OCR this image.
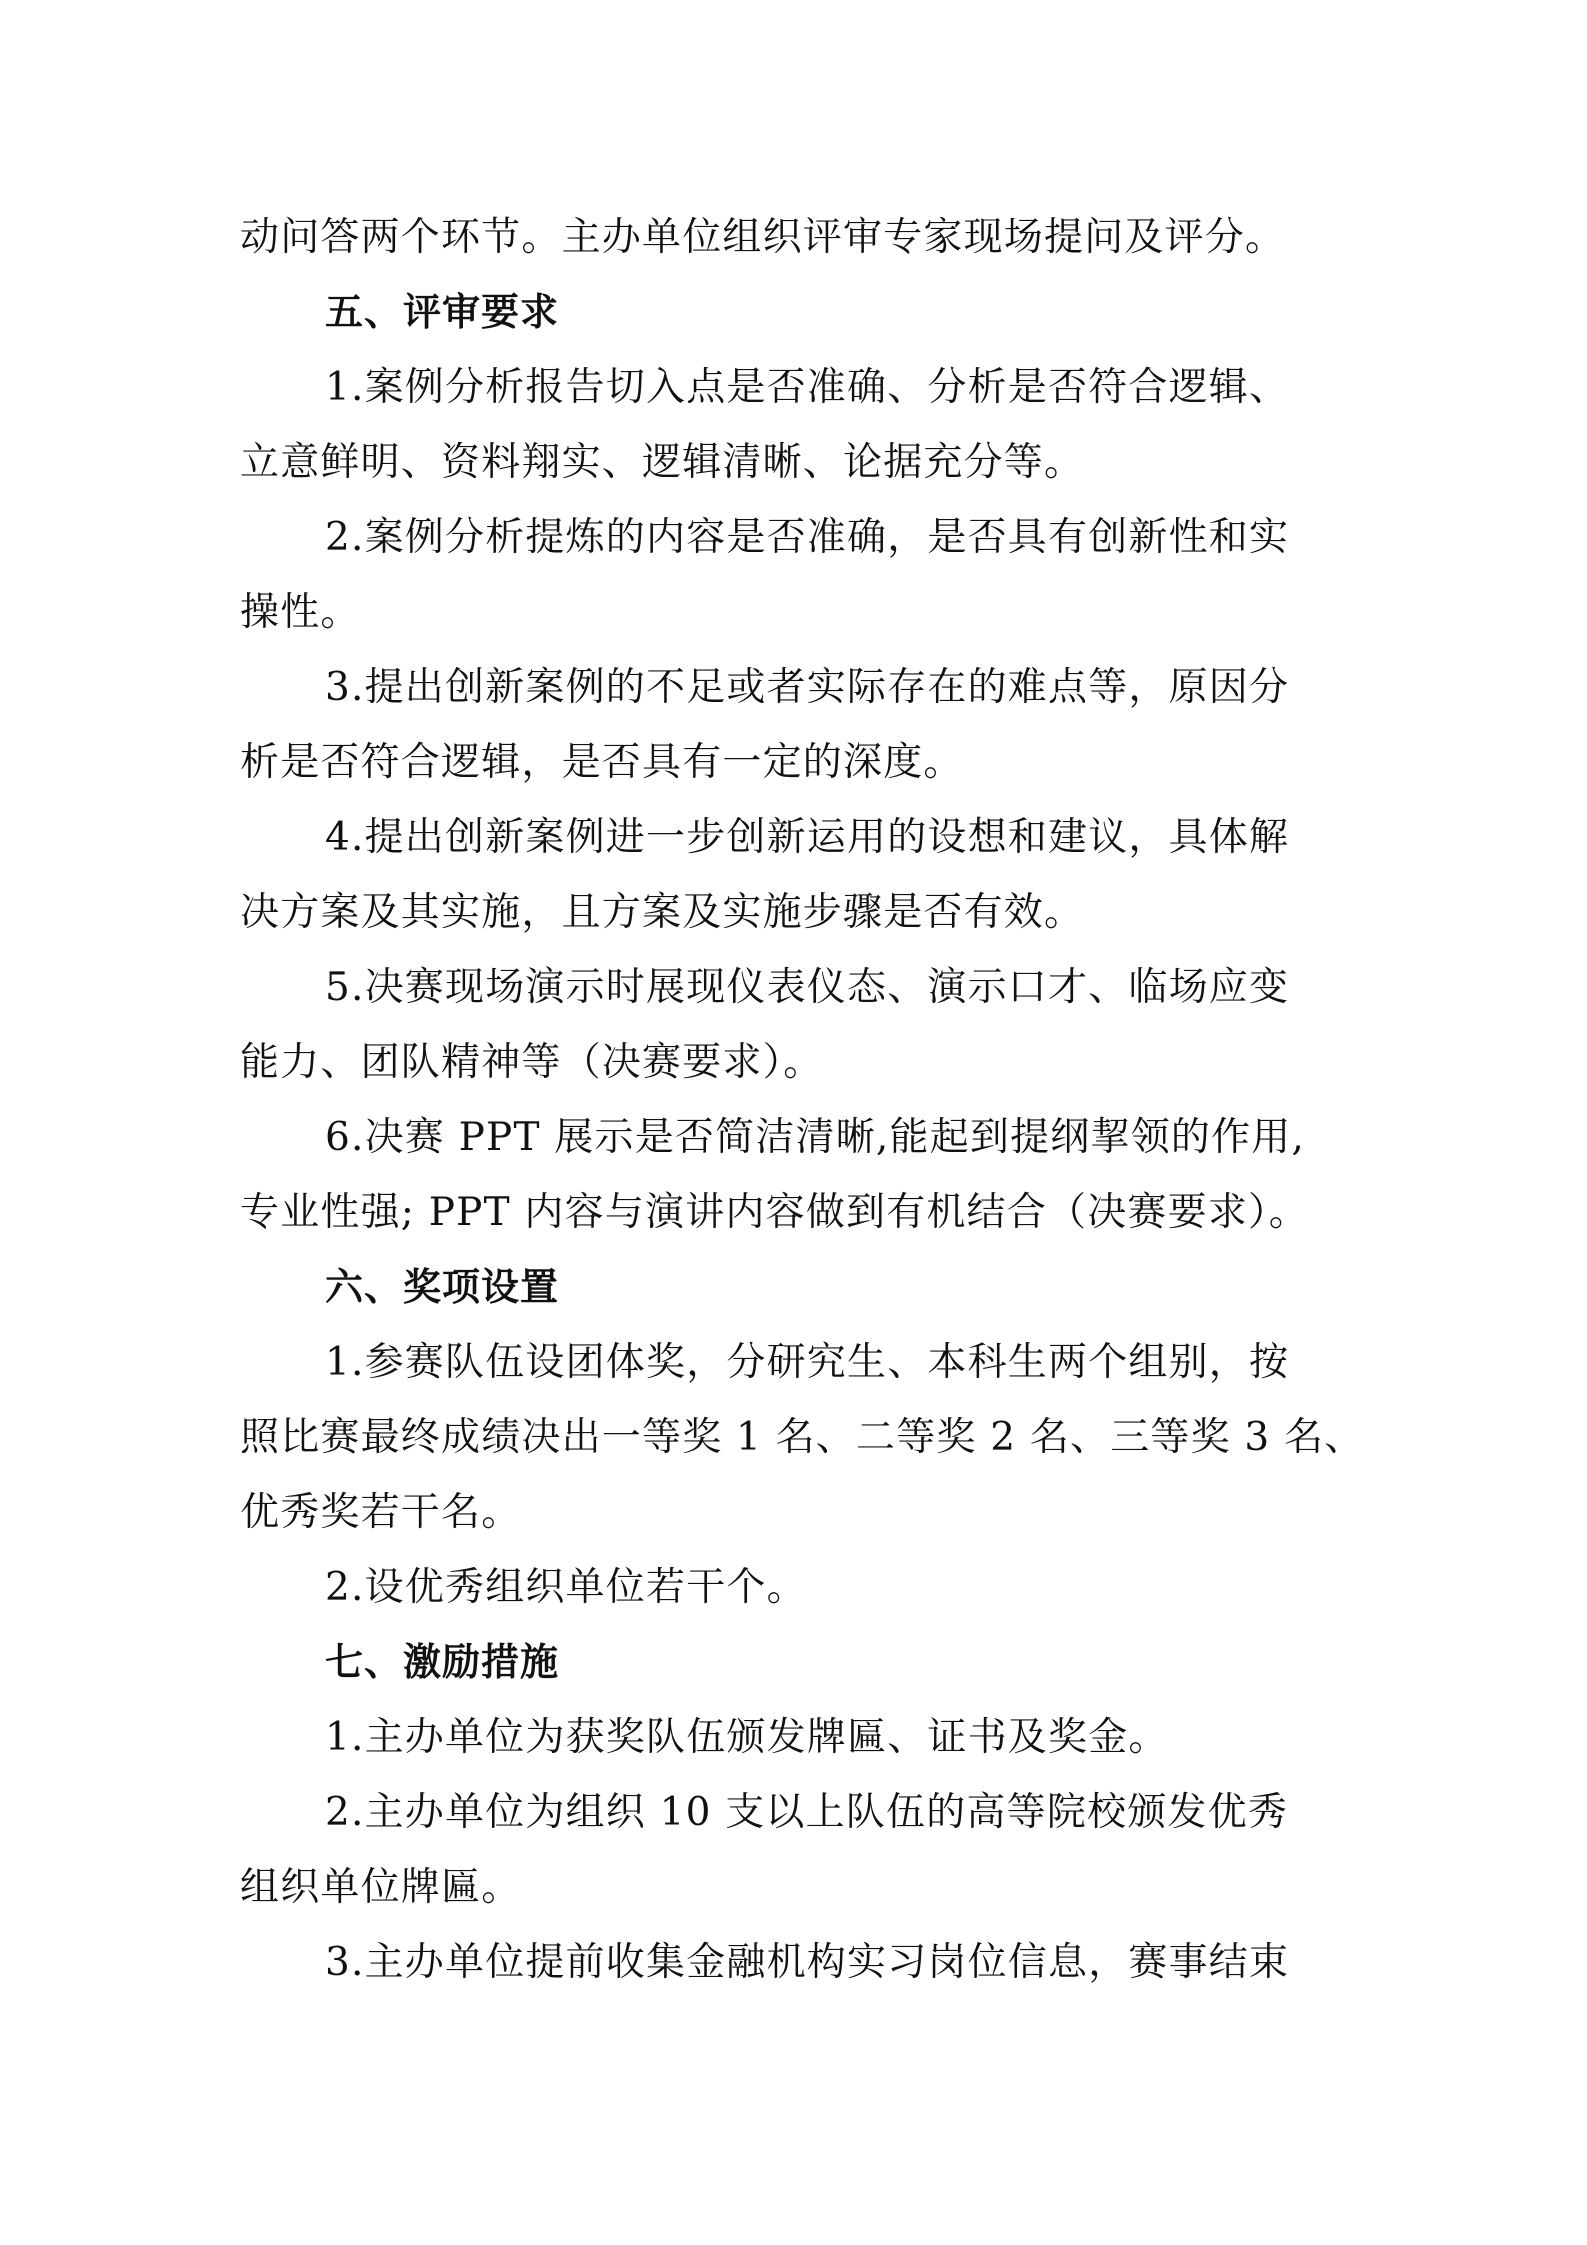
动问答两个环节。主办单位组织评审专家现场提问及评分。
五、评审要求
1.案例分析报告切入点是否准确、分析是否符合逻辑、
立意鲜明、资料翔实、逻辑清晰、论据充分等。
2.案例分析提炼的内容是否准确，是否具有创新性和实
操性。
3.提出创新案例的不足或者实际存在的难点等，原因分
析是否符合逻辑，是否具有一定的深度。
4.提出创新案例进一步创新运用的设想和建议，具体解
决方案及其实施，且方案及实施步骤是否有效。
5.决赛现场演示时展现仪表仪态、演示口才、临场应变
能力、团队精神等（决赛要求）。
6.决赛 PPT 展示是否简洁清晰,能起到提纲挈领的作用,
专业性强; PPT 内容与演讲内容做到有机结合（决赛要求）。
六、奖项设置
1.参赛队伍设团体奖，分研究生、本科生两个组别，按
照比赛最终成绩决出一等奖 1 名、二等奖 2 名、三等奖 3 名、
优秀奖若干名。
2.设优秀组织单位若干个。
七、激励措施
1.主办单位为获奖队伍颁发牌匾、证书及奖金。
2.主办单位为组织 10 支以上队伍的高等院校颁发优秀
组织单位牌匾。
3.主办单位提前收集金融机构实习岗位信息，赛事结束
